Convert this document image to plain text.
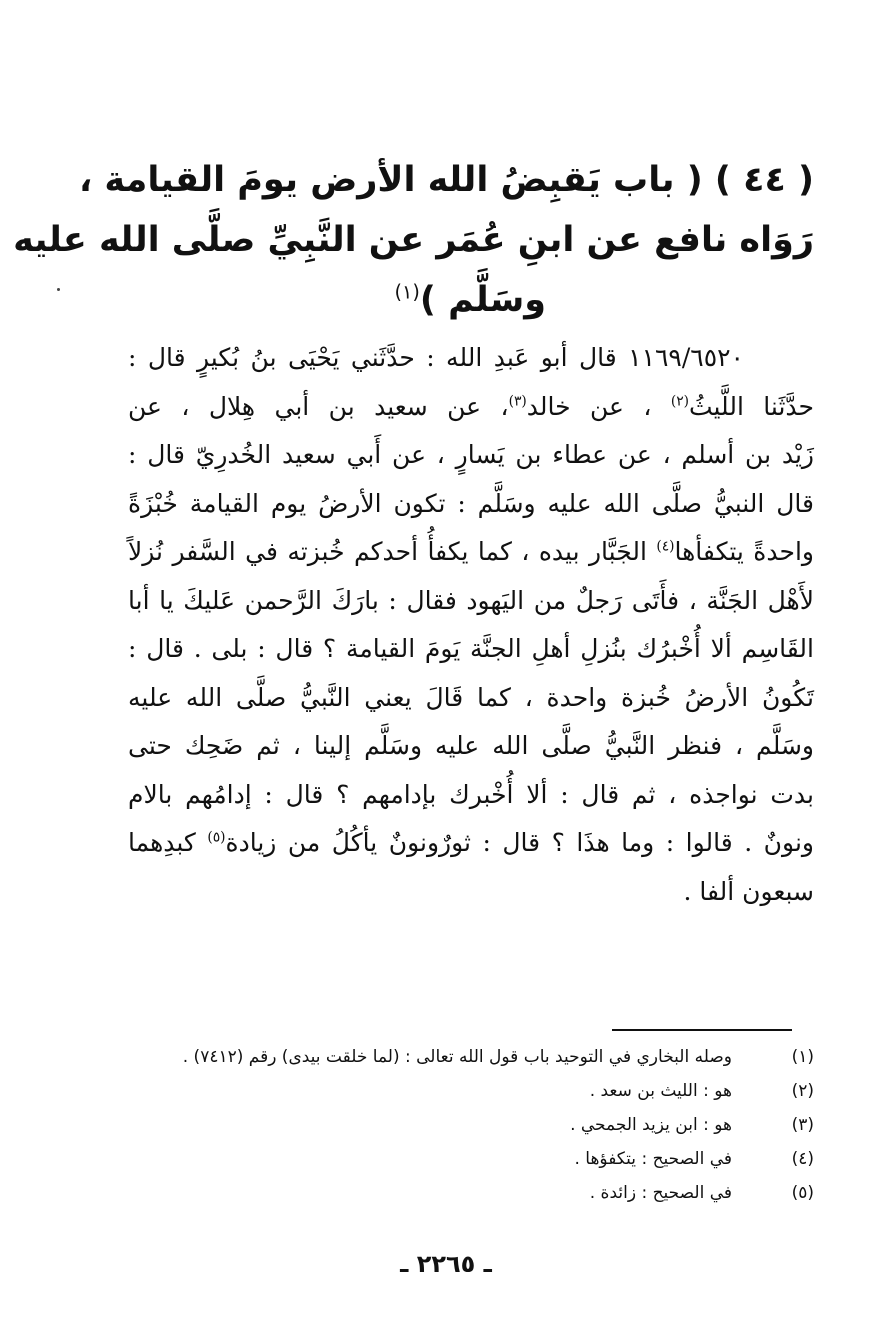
( ٤٤ ) ( باب يَقبِضُ الله الأرض يومَ القيامة ،
رَوَاه نافع عن ابنِ عُمَر عن النَّبِيِّ صلَّى الله عليه
وسَلَّم )$^{(١)}$
١١٦٩/٦٥٢٠ قال أبو عَبدِ الله : حدَّثَني يَحْيَى بنُ بُكيرٍ قال :
حدَّثَنا اللَّيثُ$^{(٢)}$ ، عن خالد$^{(٣)}$، عن سعيد بن أبي هِلال ، عن
زَيْد بن أسلم ، عن عطاء بن يَسارٍ ، عن أَبي سعيد الخُدرِيّ قال :
قال النبيُّ صلَّى الله عليه وسَلَّم : تكون الأرضُ يوم القيامة خُبْزَةً
واحدةً يتكفأها$^{(٤)}$ الجَبَّار بيده ، كما يكفأُ أحدكم خُبزته في السَّفر نُزلاً
لأَهْل الجَنَّة ، فأَتَى رَجلٌ من اليَهود فقال : بارَكَ الرَّحمن عَليكَ يا أبا
القَاسِم ألا أُخْبرُك بنُزلِ أهلِ الجنَّة يَومَ القيامة ؟ قال : بلى . قال :
تَكُونُ الأرضُ خُبزة واحدة ، كما قَالَ يعني النَّبيُّ صلَّى الله عليه
وسَلَّم ، فنظر النَّبيُّ صلَّى الله عليه وسَلَّم إلينا ، ثم ضَحِك حتى
بدت نواجذه ، ثم قال : ألا أُخْبرك بإدامهم ؟ قال : إدامُهم بالام
ونونٌ . قالوا : وما هذَا ؟ قال : ثورٌونونٌ يأكُلُ من زيادة$^{(٥)}$ كبدِهما
سبعون ألفا .
(١)
وصله البخاري في التوحيد باب قول الله تعالى : (لما خلقت بيدى) رقم (٧٤١٢) .
(٢)
هو : الليث بن سعد .
(٣)
هو : ابن يزيد الجمحي .
(٤)
في الصحيح : يتكفؤها .
(٥)
في الصحيح : زائدة .
ـ ٢٢٦٥ ـ
